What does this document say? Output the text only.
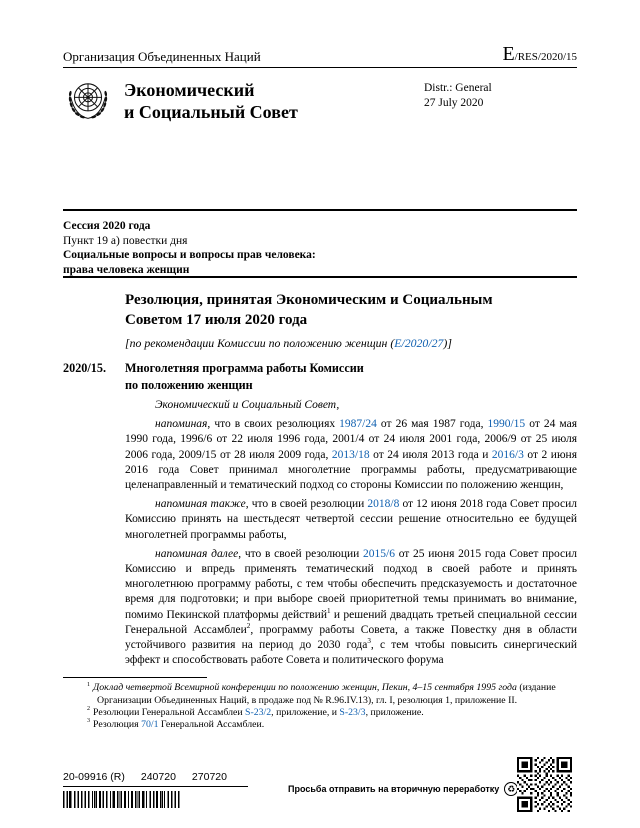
Организация Объединенных Наций	E/RES/2020/15
Экономический
и Социальный Совет
Distr.: General
27 July 2020
Сессия 2020 года
Пункт 19 а) повестки дня
Социальные вопросы и вопросы прав человека:
права человека женщин
Резолюция, принятая Экономическим и Социальным Советом 17 июля 2020 года
[по рекомендации Комиссии по положению женщин (E/2020/27)]
2020/15.	Многолетняя программа работы Комиссии по положению женщин

Экономический и Социальный Совет,

напоминая, что в своих резолюциях 1987/24 от 26 мая 1987 года, 1990/15 от 24 мая 1990 года, 1996/6 от 22 июля 1996 года, 2001/4 от 24 июля 2001 года, 2006/9 от 25 июля 2006 года, 2009/15 от 28 июля 2009 года, 2013/18 от 24 июля 2013 года и 2016/3 от 2 июня 2016 года Совет принимал многолетние программы работы, предусматривающие целенаправленный и тематический подход со стороны Комиссии по положению женщин,

напоминая также, что в своей резолюции 2018/8 от 12 июня 2018 года Совет просил Комиссию принять на шестьдесят четвертой сессии решение относительно ее будущей многолетней программы работы,

напоминая далее, что в своей резолюции 2015/6 от 25 июня 2015 года Совет просил Комиссию и впредь применять тематический подход в своей работе и принять многолетнюю программу работы, с тем чтобы обеспечить предсказуемость и достаточное время для подготовки; и при выборе своей приоритетной темы принимать во внимание, помимо Пекинской платформы действий$^1$ и решений двадцать третьей специальной сессии Генеральной Ассамблеи$^2$, программу работы Совета, а также Повестку дня в области устойчивого развития на период до 2030 года$^3$, с тем чтобы повысить синергический эффект и способствовать работе Совета и политического форума

$^1$ Доклад четвертой Всемирной конференции по положению женщин, Пекин, 4–15 сентября 1995 года (издание Организации Объединенных Наций, в продаже под № R.96.IV.13), гл. I, резолюция 1, приложение II.
$^2$ Резолюции Генеральной Ассамблеи S-23/2, приложение, и S-23/3, приложение.
$^3$ Резолюция 70/1 Генеральной Ассамблеи.
20-09916 (R) 240720 270720
Просьба отправить на вторичную переработку ♻
